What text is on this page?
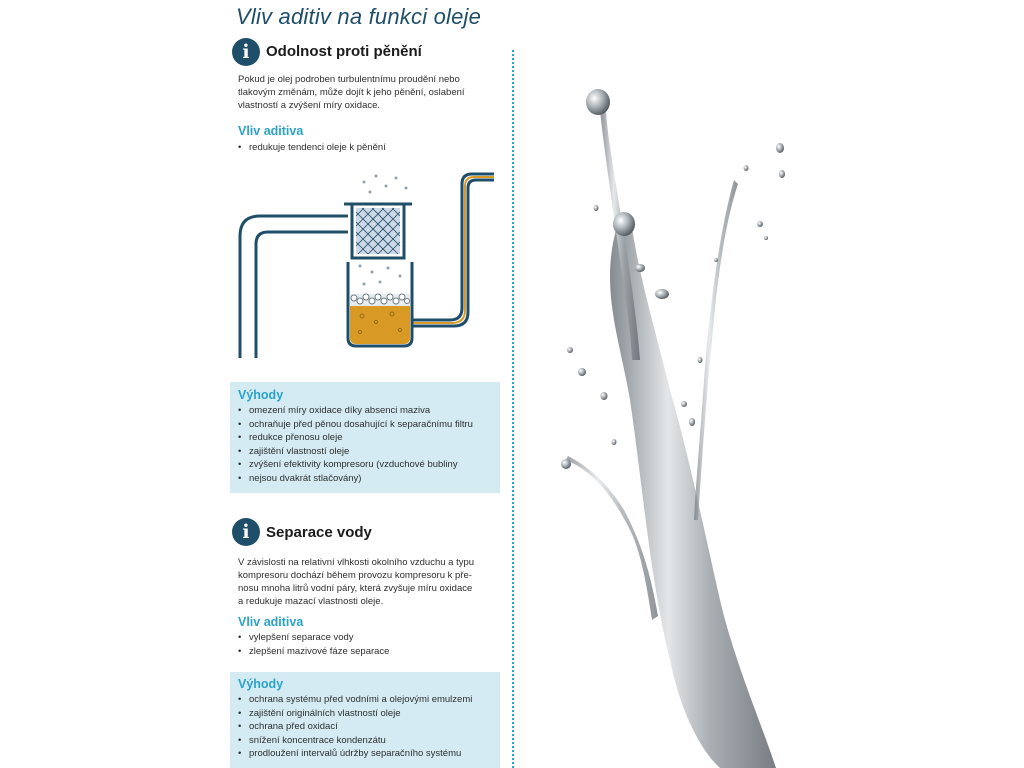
Vliv aditiv na funkci oleje
i	Odolnost proti pěnění
Pokud je olej podroben turbulentnímu proudění nebo
tlakovým změnám, může dojít k jeho pěnění, oslabení
vlastností a zvýšení míry oxidace.
Vliv aditiva
• redukuje tendenci oleje k pěnění
Výhody
• omezení míry oxidace díky absenci maziva
• ochraňuje před pěnou dosahující k separačnímu filtru
• redukce přenosu oleje
• zajištění vlastností oleje
• zvýšení efektivity kompresoru (vzduchové bubliny
• nejsou dvakrát stlačovány)
i	Separace vody
V závislosti na relativní vlhkosti okolního vzduchu a typu
kompresoru dochází během provozu kompresoru k pře-
nosu mnoha litrů vodní páry, která zvyšuje míru oxidace
a redukuje mazací vlastnosti oleje.
Vliv aditiva
• vylepšení separace vody
• zlepšení mazivové fáze separace
Výhody
• ochrana systému před vodními a olejovými emulzemi
• zajištění originálních vlastností oleje
• ochrana před oxidací
• snížení koncentrace kondenzátu
• prodloužení intervalů údržby separačního systému
